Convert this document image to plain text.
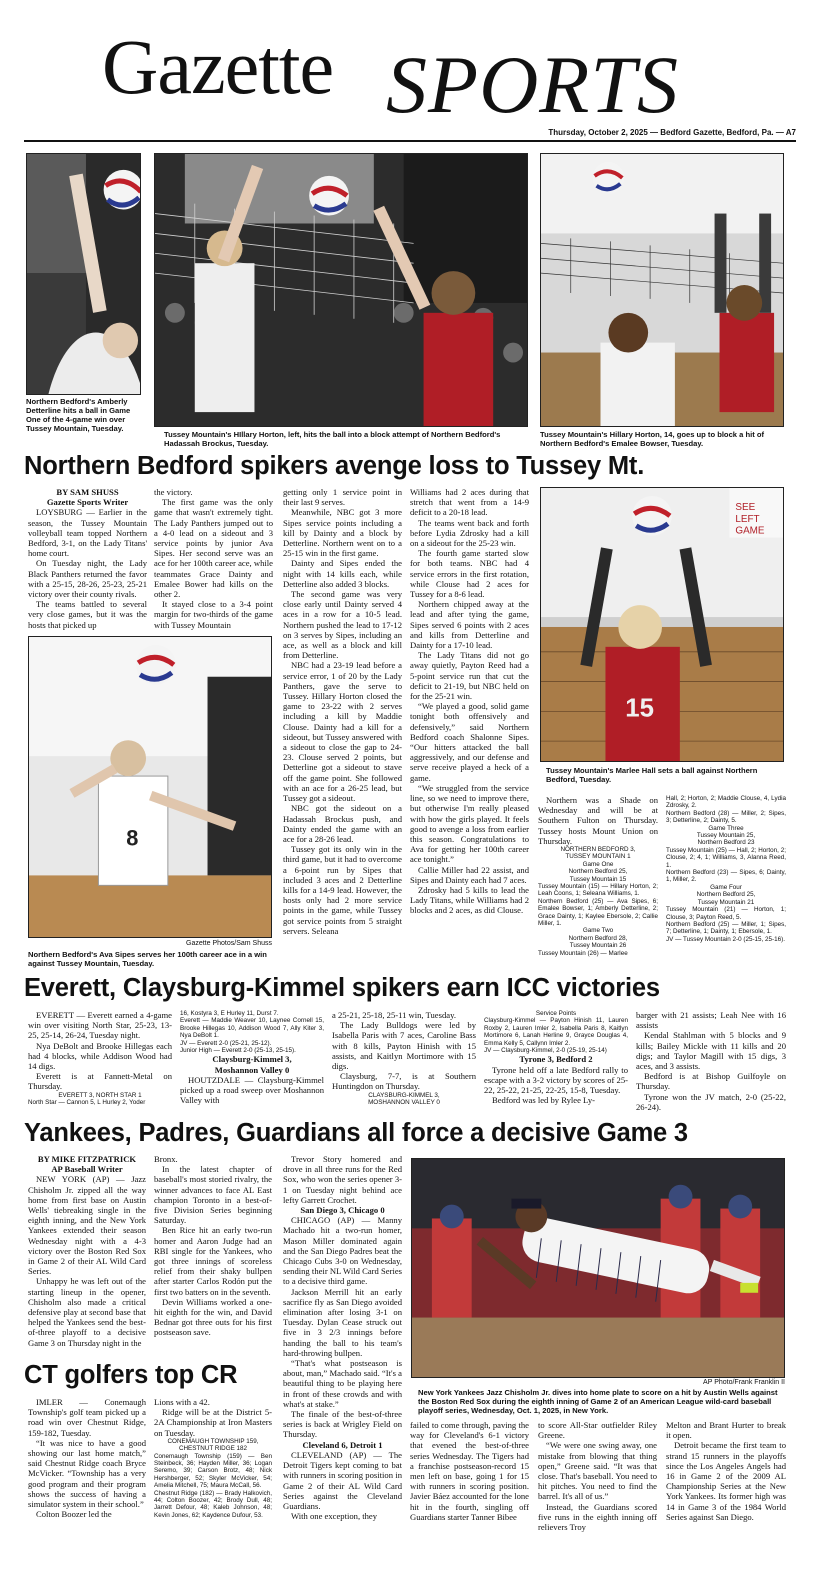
Gazette SPORTS
Thursday, October 2, 2025 — Bedford Gazette, Bedford, Pa. — A7
Northern Bedford's Amberly Detterline hits a ball in Game One of the 4-game win over Tussey Mountain, Tuesday.
Tussey Mountain's HIllary Horton, left, hits the ball into a block attempt of Northern Bedford's Hadassah Brockus, Tuesday.
Tussey Mountain's Hillary Horton, 14, goes up to block a hit of Northern Bedford's Emalee Bowser, Tuesday.
Northern Bedford spikers avenge loss to Tussey Mt.

BY SAM SHUSS

Gazette Sports Writer

LOYSBURG — Earlier in the season, the Tussey Mountain volleyball team topped Northern Bedford, 3-1, on the Lady Titans' home court.

On Tuesday night, the Lady Black Panthers returned the favor with a 25-15, 28-26, 25-23, 25-21 victory over their county rivals.

The teams battled to several very close games, but it was the hosts that picked up

the victory.

The first game was the only game that wasn't extremely tight. The Lady Panthers jumped out to a 4-0 lead on a sideout and 3 service points by junior Ava Sipes. Her second serve was an ace for her 100th career ace, while teammates Grace Dainty and Emalee Bower had kills on the other 2.

It stayed close to a 3-4 point margin for two-thirds of the game with Tussey Mountain

8
Gazette Photos/Sam Shuss
Northern Bedford's Ava Sipes serves her 100th career ace in a win against Tussey Mountain, Tuesday.

getting only 1 service point in their last 9 serves.

Meanwhile, NBC got 3 more Sipes service points including a kill by Dainty and a block by Detterline. Northern went on to a 25-15 win in the first game.

Dainty and Sipes ended the night with 14 kills each, while Detterline also added 3 blocks.

The second game was very close early until Dainty served 4 aces in a row for a 10-5 lead. Northern pushed the lead to 17-12 on 3 serves by Sipes, including an ace, as well as a block and kill from Detterline.

NBC had a 23-19 lead before a service error, 1 of 20 by the Lady Panthers, gave the serve to Tussey. Hillary Horton closed the game to 23-22 with 2 serves including a kill by Maddie Clouse. Dainty had a kill for a sideout, but Tussey answered with a sideout to close the gap to 24-23. Clouse served 2 points, but Detterline got a sideout to stave off the game point. She followed with an ace for a 26-25 lead, but Tussey got a sideout.

NBC got the sideout on a Hadassah Brockus push, and Dainty ended the game with an ace for a 28-26 lead.

Tussey got its only win in the third game, but it had to overcome a 6-point run by Sipes that included 3 aces and 2 Detterline kills for a 14-9 lead. However, the hosts only had 2 more service points in the game, while Tussey got service points from 5 straight servers. Seleana

Williams had 2 aces during that stretch that went from a 14-9 deficit to a 20-18 lead.

The teams went back and forth before Lydia Zdrosky had a kill on a sideout for the 25-23 win.

The fourth game started slow for both teams. NBC had 4 service errors in the first rotation, while Clouse had 2 aces for Tussey for a 8-6 lead.

Northern chipped away at the lead and after tying the game, Sipes served 6 points with 2 aces and kills from Detterline and Dainty for a 17-10 lead.

The Lady Titans did not go away quietly, Payton Reed had a 5-point service run that cut the deficit to 21-19, but NBC held on for the 25-21 win.

“We played a good, solid game tonight both offensively and defensively,” said Northern Bedford coach Shalonne Sipes. “Our hitters attacked the ball aggressively, and our defense and serve receive played a heck of a game.

“We struggled from the service line, so we need to improve there, but otherwise I'm really pleased with how the girls played. It feels good to avenge a loss from earlier this season. Congratulations to Ava for getting her 100th career ace tonight.”

Callie Miller had 22 assist, and Sipes and Dainty each had 7 aces.

Zdrosky had 5 kills to lead the Lady Titans, while Williams had 2 blocks and 2 aces, as did Clouse.

SEE
LEFT
GAME
15
Tussey Mountain's Marlee Hall sets a ball against Northern Bedford, Tuesday.

Northern was a Shade on Wednesday and will be at Southern Fulton on Thursday. Tussey hosts Mount Union on Thursday.

NORTHERN BEDFORD 3,

TUSSEY MOUNTAIN 1

Game One

Northern Bedford 25,

Tussey Mountain 15

Tussey Mountain (15) — Hillary Horton, 2; Leah Coons, 1; Seleana Williams, 1.

Northern Bedford (25) — Ava Sipes, 6; Emalee Bowser, 1; Amberly Detterline, 2; Grace Dainty, 1; Kaylee Ebersole, 2; Callie Miller, 1.

Game Two

Northern Bedford 28,

Tussey Mountain 26

Tussey Mountain (26) — Marlee

Hall, 2; Horton, 2; Maddie Clouse, 4, Lydia Zdrosky, 2.

Northern Bedford (28) — Miller, 2; Sipes, 3; Detterline, 2; Dainty, 5.

Game Three

Tussey Mountain 25,

Northern Bedford 23

Tussey Mountain (25) — Hall, 2; Horton, 2; Clouse, 2; 4, 1; Williams, 3, Alanna Reed, 1.

Northern Bedford (23) — Sipes, 6; Dainty, 1, Miller, 2.

Game Four

Northern Bedford 25,

Tussey Mountain 21

Tussey Mountain (21) — Horton, 1; Clouse, 3; Payton Reed, 5.

Northern Bedford (25) — Miller, 1; Sipes, 7; Detterline, 1; Dainty, 1; Ebersole, 1.

JV — Tussey Mountain 2-0 (25-15, 25-16).

Everett, Claysburg-Kimmel spikers earn ICC victories

EVERETT — Everett earned a 4-game win over visiting North Star, 25-23, 13-25, 25-14, 26-24, Tuesday night.

Nya DeBolt and Brooke Hillegas each had 4 blocks, while Addison Wood had 14 digs.

Everett is at Fannett-Metal on Thursday.

EVERETT 3, NORTH STAR 1

North Star — Cannon 5, L Hurley 2, Yoder

16, Kostyra 3, E Hurley 11, Durst 7.

Everett — Maddie Weaver 10, Laynee Cornell 15, Brooke Hillegas 10, Addison Wood 7, Ally Kiter 3, Nya DeBolt 1.

JV — Everett 2-0 (25-21, 25-12).

Junior High — Everett 2-0 (25-13, 25-15).

Claysburg-Kimmel 3,

Moshannon Valley 0

HOUTZDALE — Claysburg-Kimmel picked up a road sweep over Moshannon Valley with

a 25-21, 25-18, 25-11 win, Tuesday.

The Lady Bulldogs were led by Isabella Paris with 7 aces, Caroline Bass with 8 kills, Payton Hinish with 15 assists, and Kaitlyn Mortimore with 15 digs.

Claysburg, 7-7, is at Southern Huntingdon on Thursday.

CLAYSBURG-KIMMEL 3,

MOSHANNON VALLEY 0

Service Points

Claysburg-Kimmel — Payton Hinish 11, Lauren Roxby 2, Lauren Imler 2, Isabella Paris 8, Kaitlyn Mortimore 6, Lanah Herline 9, Grayce Douglas 4, Emma Kelly 5, Callynn Imler 2.

JV — Claysburg-Kimmel, 2-0 (25-19, 25-14)

Tyrone 3, Bedford 2

Tyrone held off a late Bedford rally to escape with a 3-2 victory by scores of 25-22, 25-22, 21-25, 22-25, 15-8, Tuesday.

Bedford was led by Rylee Ly-

barger with 21 assists; Leah Nee with 16 assists

Kendal Stahlman with 5 blocks and 9 kills; Bailey Mickle with 11 kills and 20 digs; and Taylor Magill with 15 digs, 3 aces, and 3 assists.

Bedford is at Bishop Guilfoyle on Thursday.

Tyrone won the JV match, 2-0 (25-22, 26-24).

Yankees, Padres, Guardians all force a decisive Game 3

BY MIKE FITZPATRICK

AP Baseball Writer

NEW YORK (AP) — Jazz Chisholm Jr. zipped all the way home from first base on Austin Wells' tiebreaking single in the eighth inning, and the New York Yankees extended their season Wednesday night with a 4-3 victory over the Boston Red Sox in Game 2 of their AL Wild Card Series.

Unhappy he was left out of the starting lineup in the opener, Chisholm also made a critical defensive play at second base that helped the Yankees send the best-of-three playoff to a decisive Game 3 on Thursday night in the

Bronx.

In the latest chapter of baseball's most storied rivalry, the winner advances to face AL East champion Toronto in a best-of-five Division Series beginning Saturday.

Ben Rice hit an early two-run homer and Aaron Judge had an RBI single for the Yankees, who got three innings of scoreless relief from their shaky bullpen after starter Carlos Rodón put the first two batters on in the seventh.

Devin Williams worked a one-hit eighth for the win, and David Bednar got three outs for his first postseason save.

Trevor Story homered and drove in all three runs for the Red Sox, who won the series opener 3-1 on Tuesday night behind ace lefty Garrett Crochet.

San Diego 3, Chicago 0

CHICAGO (AP) — Manny Machado hit a two-run homer, Mason Miller dominated again and the San Diego Padres beat the Chicago Cubs 3-0 on Wednesday, sending their NL Wild Card Series to a decisive third game.

Jackson Merrill hit an early sacrifice fly as San Diego avoided elimination after losing 3-1 on Tuesday. Dylan Cease struck out five in 3 2/3 innings before handing the ball to his team's hard-throwing bullpen.

“That's what postseason is about, man,” Machado said. “It's a beautiful thing to be playing here in front of these crowds and with what's at stake.”

The finale of the best-of-three series is back at Wrigley Field on Thursday.

Cleveland 6, Detroit 1

CLEVELAND (AP) — The Detroit Tigers kept coming to bat with runners in scoring position in Game 2 of their AL Wild Card Series against the Cleveland Guardians.

With one exception, they

AP Photo/Frank Franklin II
New York Yankees Jazz Chisholm Jr. dives into home plate to score on a hit by Austin Wells against the Boston Red Sox during the eighth inning of Game 2 of an American League wild-card baseball playoff series, Wednesday, Oct. 1, 2025, in New York.

failed to come through, paving the way for Cleveland's 6-1 victory that evened the best-of-three series Wednesday. The Tigers had a franchise postseason-record 15 men left on base, going 1 for 15 with runners in scoring position. Javier Báez accounted for the lone hit in the fourth, singling off Guardians starter Tanner Bibee

to score All-Star outfielder Riley Greene.

“We were one swing away, one mistake from blowing that thing open,” Greene said. “It was that close. That's baseball. You need to hit pitches. You need to find the barrel. It's all of us.”

Instead, the Guardians scored five runs in the eighth inning off relievers Troy

Melton and Brant Hurter to break it open.

Detroit became the first team to strand 15 runners in the playoffs since the Los Angeles Angels had 16 in Game 2 of the 2009 AL Championship Series at the New York Yankees. Its former high was 14 in Game 3 of the 1984 World Series against San Diego.

CT golfers top CR

IMLER — Conemaugh Township's golf team picked up a road win over Chestnut Ridge, 159-182, Tuesday.

“It was nice to have a good showing our last home match,” said Chestnut Ridge coach Bryce McVicker. “Township has a very good program and their program shows the success of having a simulator system in their school.”

Colton Boozer led the

Lions with a 42.

Ridge will be at the District 5-2A Championship at Iron Masters on Tuesday.

CONEMAUGH TOWNSHIP 159,

CHESTNUT RIDGE 182

Conemaugh Township (159) — Ben Steinbeck, 36; Hayden Miller, 36; Logan Seremo, 39; Carson Brotz, 48; Nick Hershberger, 52; Skyler McVicker, 54; Amelia Mitchell, 75; Maura McCall, 56.

Chestnut Ridge (182) — Brady Halkovich, 44; Colton Boozer, 42; Brody Dull, 48; Jarrett Defour, 48; Kaleb Johnson, 48; Kevin Jones, 62; Kaydence Dufour, 53.
